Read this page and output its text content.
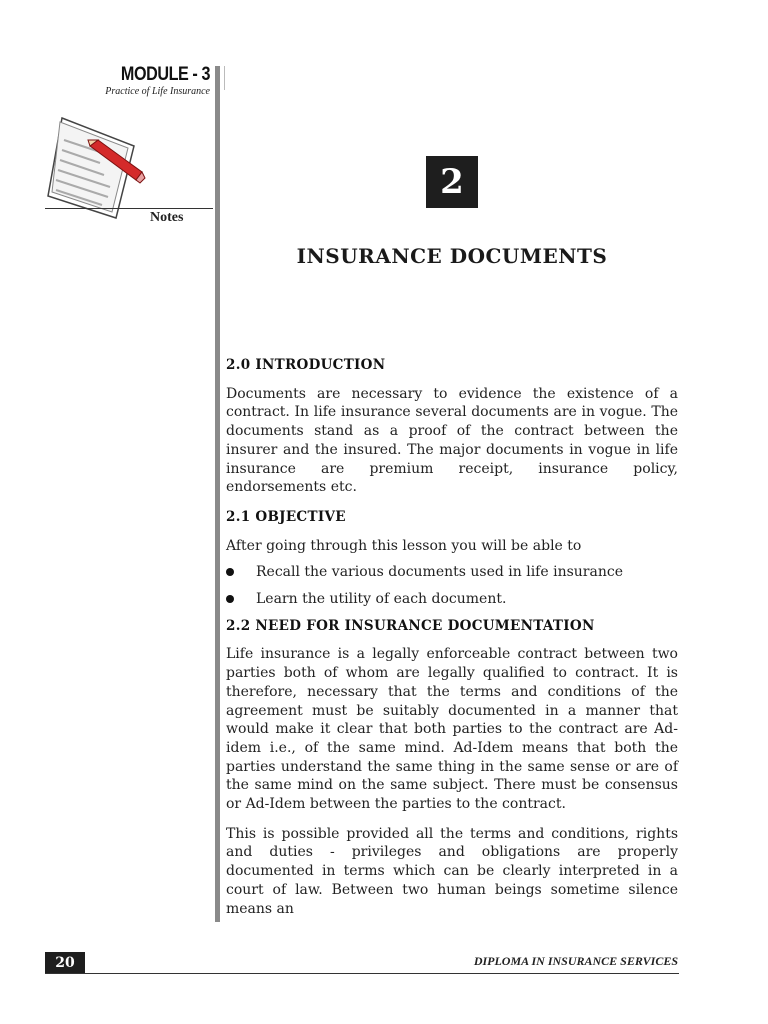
MODULE - 3
Practice of Life Insurance
Notes
2
INSURANCE DOCUMENTS
2.0 INTRODUCTION

Documents are necessary to evidence the existence of a contract. In life insurance several documents are in vogue. The documents stand as a proof of the contract between the insurer and the insured. The major documents in vogue in life insurance are premium receipt, insurance policy, endorsements etc.

2.1 OBJECTIVE

After going through this lesson you will be able to

Recall the various documents used in life insurance
Learn the utility of each document.
2.2 NEED FOR INSURANCE DOCUMENTATION

Life insurance is a legally enforceable contract between two parties both of whom are legally qualified to contract. It is therefore, necessary that the terms and conditions of the agreement must be suitably documented in a manner that would make it clear that both parties to the contract are Ad-idem i.e., of the same mind. Ad-Idem means that both the parties understand the same thing in the same sense or are of the same mind on the same subject. There must be consensus or Ad-Idem between the parties to the contract.

This is possible provided all the terms and conditions, rights and duties - privileges and obligations are properly documented in terms which can be clearly interpreted in a court of law. Between two human beings sometime silence means an

20	DIPLOMA IN INSURANCE SERVICES
